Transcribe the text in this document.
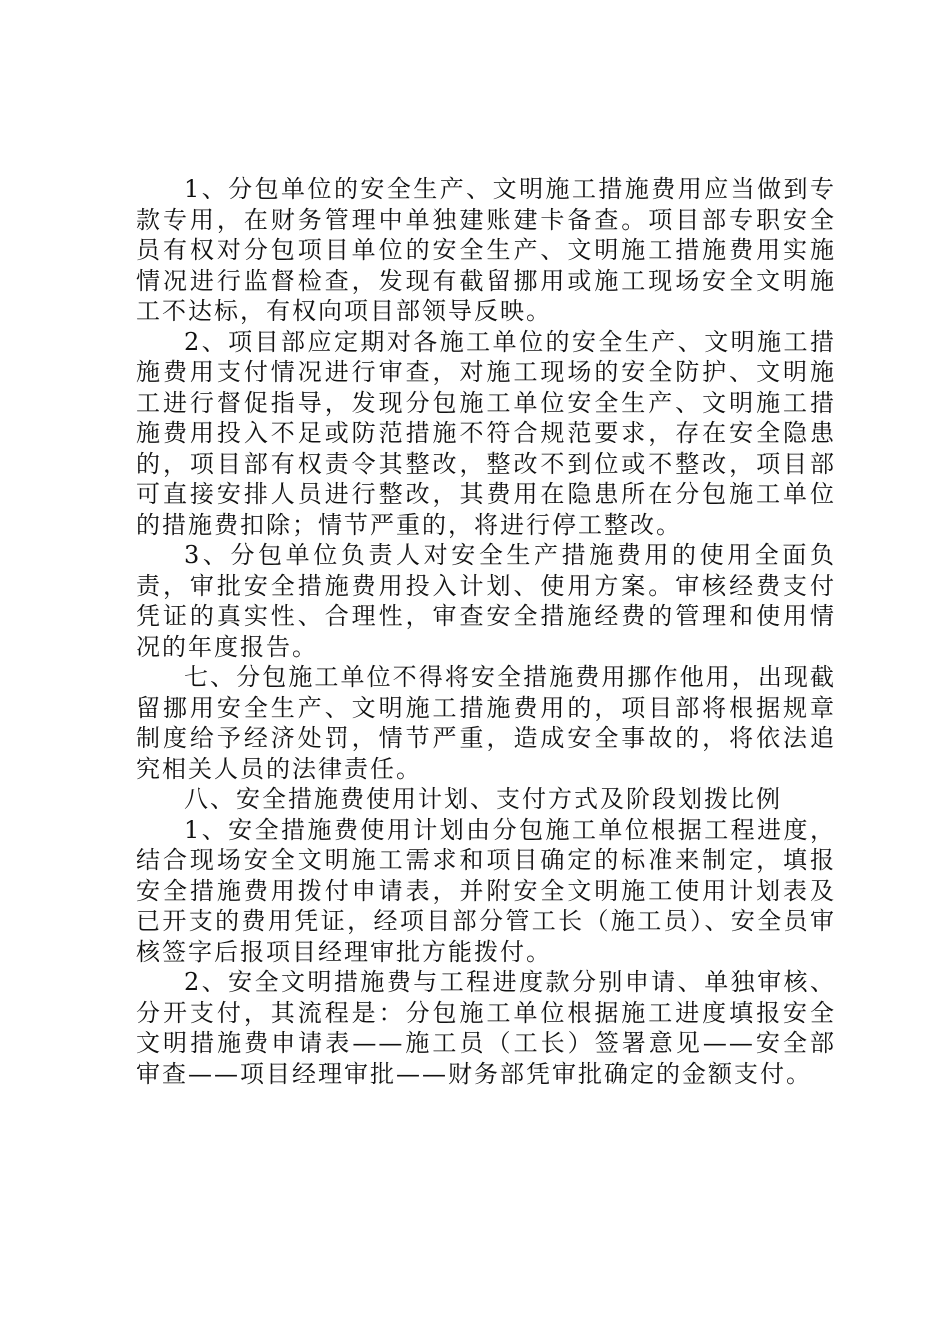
1、分包单位的安全生产、文明施工措施费用应当做到专款专用，在财务管理中单独建账建卡备查。项目部专职安全员有权对分包项目单位的安全生产、文明施工措施费用实施情况进行监督检查，发现有截留挪用或施工现场安全文明施工不达标，有权向项目部领导反映。

2、项目部应定期对各施工单位的安全生产、文明施工措施费用支付情况进行审查，对施工现场的安全防护、文明施工进行督促指导，发现分包施工单位安全生产、文明施工措施费用投入不足或防范措施不符合规范要求，存在安全隐患的，项目部有权责令其整改，整改不到位或不整改，项目部可直接安排人员进行整改，其费用在隐患所在分包施工单位的措施费扣除；情节严重的，将进行停工整改。

3、分包单位负责人对安全生产措施费用的使用全面负责，审批安全措施费用投入计划、使用方案。审核经费支付凭证的真实性、合理性，审查安全措施经费的管理和使用情况的年度报告。

七、分包施工单位不得将安全措施费用挪作他用，出现截留挪用安全生产、文明施工措施费用的，项目部将根据规章制度给予经济处罚，情节严重，造成安全事故的，将依法追究相关人员的法律责任。

八、安全措施费使用计划、支付方式及阶段划拨比例

1、安全措施费使用计划由分包施工单位根据工程进度，结合现场安全文明施工需求和项目确定的标准来制定，填报安全措施费用拨付申请表，并附安全文明施工使用计划表及已开支的费用凭证，经项目部分管工长（施工员）、安全员审核签字后报项目经理审批方能拨付。

2、安全文明措施费与工程进度款分别申请、单独审核、分开支付，其流程是：分包施工单位根据施工进度填报安全文明措施费申请表——施工员（工长）签署意见——安全部审查——项目经理审批——财务部凭审批确定的金额支付。
